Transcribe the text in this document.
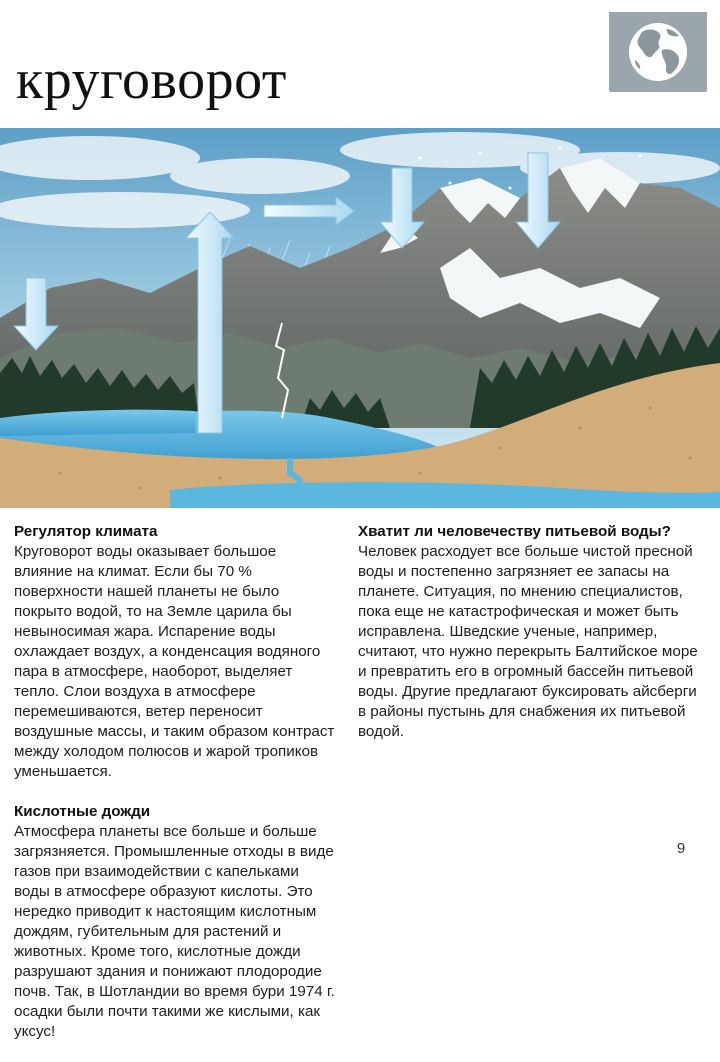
круговорот
Регулятор климата

Круговорот воды оказывает большое влияние на климат. Если бы 70 % поверхности нашей планеты не было покрыто водой, то на Земле царила бы невыносимая жара. Испарение воды охлаждает воздух, а конденсация водяного пара в атмосфере, наоборот, выделяет тепло. Слои воздуха в атмосфере перемешиваются, ветер переносит воздушные массы, и таким образом контраст между холодом полюсов и жарой тропиков уменьшается.

Кислотные дожди

Атмосфера планеты все больше и больше загрязняется. Промышленные отходы в виде газов при взаимодействии с капельками воды в атмосфере образуют кислоты. Это нередко приводит к настоящим кислотным дождям, губительным для растений и животных. Кроме того, кислотные дожди разрушают здания и понижают плодородие почв. Так, в Шотландии во время бури 1974 г. осадки были почти такими же кислыми, как уксус!

Хватит ли человечеству питьевой воды?

Человек расходует все больше чистой пресной воды и постепенно загрязняет ее запасы на планете. Ситуация, по мнению специалистов, пока еще не катастрофическая и может быть исправлена. Шведские ученые, например, считают, что нужно перекрыть Балтийское море и превратить его в огромный бассейн питьевой воды. Другие предлагают буксировать айсберги в районы пустынь для снабжения их питьевой водой.

9
